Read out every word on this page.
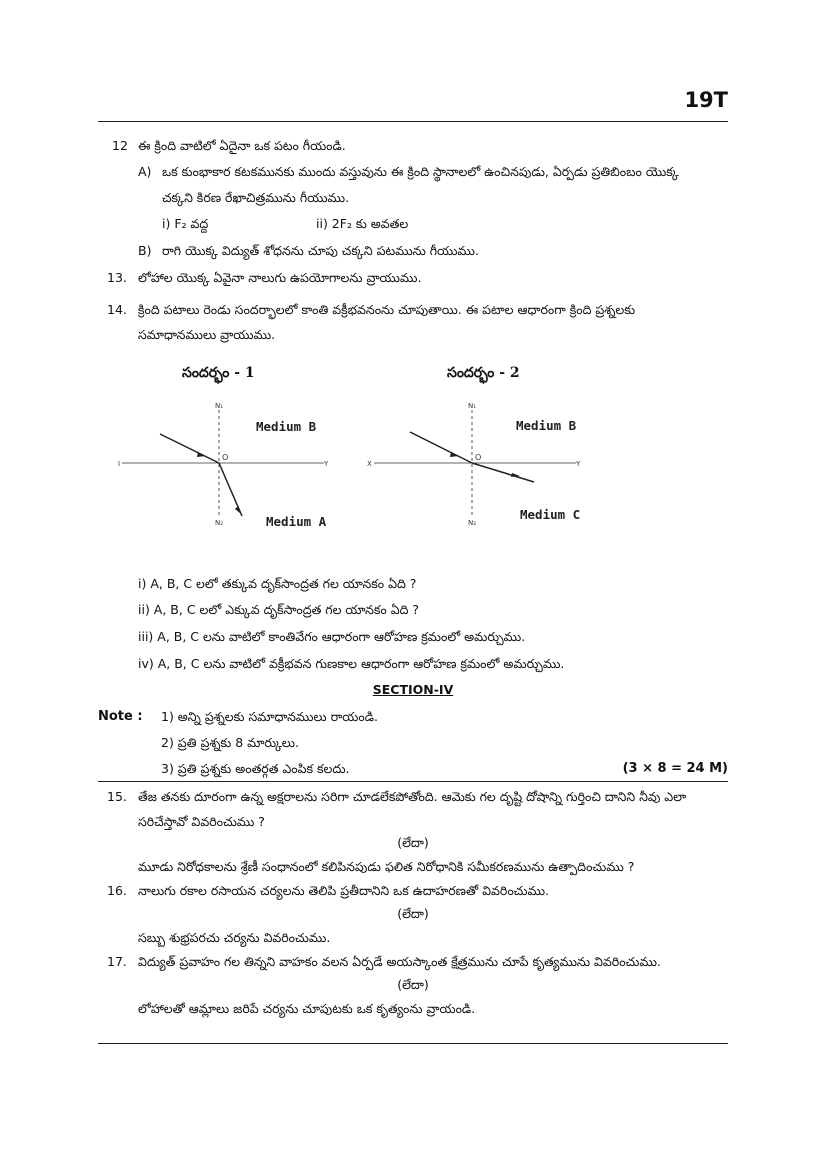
19T
12 ఈ క్రింది వాటిలో ఏదైనా ఒక పటం గీయండి.
A) ఒక కుంభాకార కటకమునకు ముందు వస్తువును ఈ క్రింది స్థానాలలో ఉంచినపుడు, ఏర్పడు ప్రతిబింబం యొక్క
చక్కని కిరణ రేఖాచిత్రమును గీయుము.
i) F₂ వద్ద	ii) 2F₂ కు అవతల
B) రాగి యొక్క విద్యుత్ శోధనను చూపు చక్కని పటమును గీయుము.
13. లోహాల యొక్క ఏవైనా నాలుగు ఉపయోగాలను వ్రాయుము.
14. క్రింది పటాలు రెండు సందర్భాలలో కాంతి వక్రీభవనంను చూపుతాయి. ఈ పటాల ఆధారంగా క్రింది ప్రశ్నలకు
సమాధానములు వ్రాయుము.
సందర్భం - 1	సందర్భం - 2
I	Y
O
N₁
N₂
Medium B
Medium A
X	Y
O
N₁
N₂
Medium B
Medium C
i) A, B, C లలో తక్కువ దృక్‌సాంద్రత గల యానకం ఏది ?
ii) A, B, C లలో ఎక్కువ దృక్‌సాంద్రత గల యానకం ఏది ?
iii) A, B, C లను వాటిలో కాంతివేగం ఆధారంగా ఆరోహణ క్రమంలో అమర్చుము.
iv) A, B, C లను వాటిలో వక్రీభవన గుణకాల ఆధారంగా ఆరోహణ క్రమంలో అమర్చుము.
SECTION-IV
Note : 1) అన్ని ప్రశ్నలకు సమాధానములు రాయండి.
2) ప్రతి ప్రశ్నకు 8 మార్కులు.
3) ప్రతి ప్రశ్నకు అంతర్గత ఎంపిక కలదు.	(3 × 8 = 24 M)
15. తేజ తనకు దూరంగా ఉన్న అక్షరాలను సరిగా చూడలేకపోతోంది. ఆమెకు గల దృష్టి దోషాన్ని గుర్తించి దానిని నీవు ఎలా
సరిచేస్తావో వివరించుము ?
(లేదా)
మూడు నిరోధకాలను శ్రేణీ సంధానంలో కలిపినపుడు ఫలిత నిరోధానికి సమీకరణమును ఉత్పాదించుము ?
16. నాలుగు రకాల రసాయన చర్యలను తెలిపి ప్రతీదానిని ఒక ఉదాహరణతో వివరించుము.
(లేదా)
సబ్బు శుభ్రపరచు చర్యను వివరించుము.
17. విద్యుత్ ప్రవాహం గల తిన్నని వాహకం వలన ఏర్పడే అయస్కాంత క్షేత్రమును చూపే కృత్యమును వివరించుము.
(లేదా)
లోహాలతో ఆమ్లాలు జరిపే చర్యను చూపుటకు ఒక కృత్యంను వ్రాయండి.
